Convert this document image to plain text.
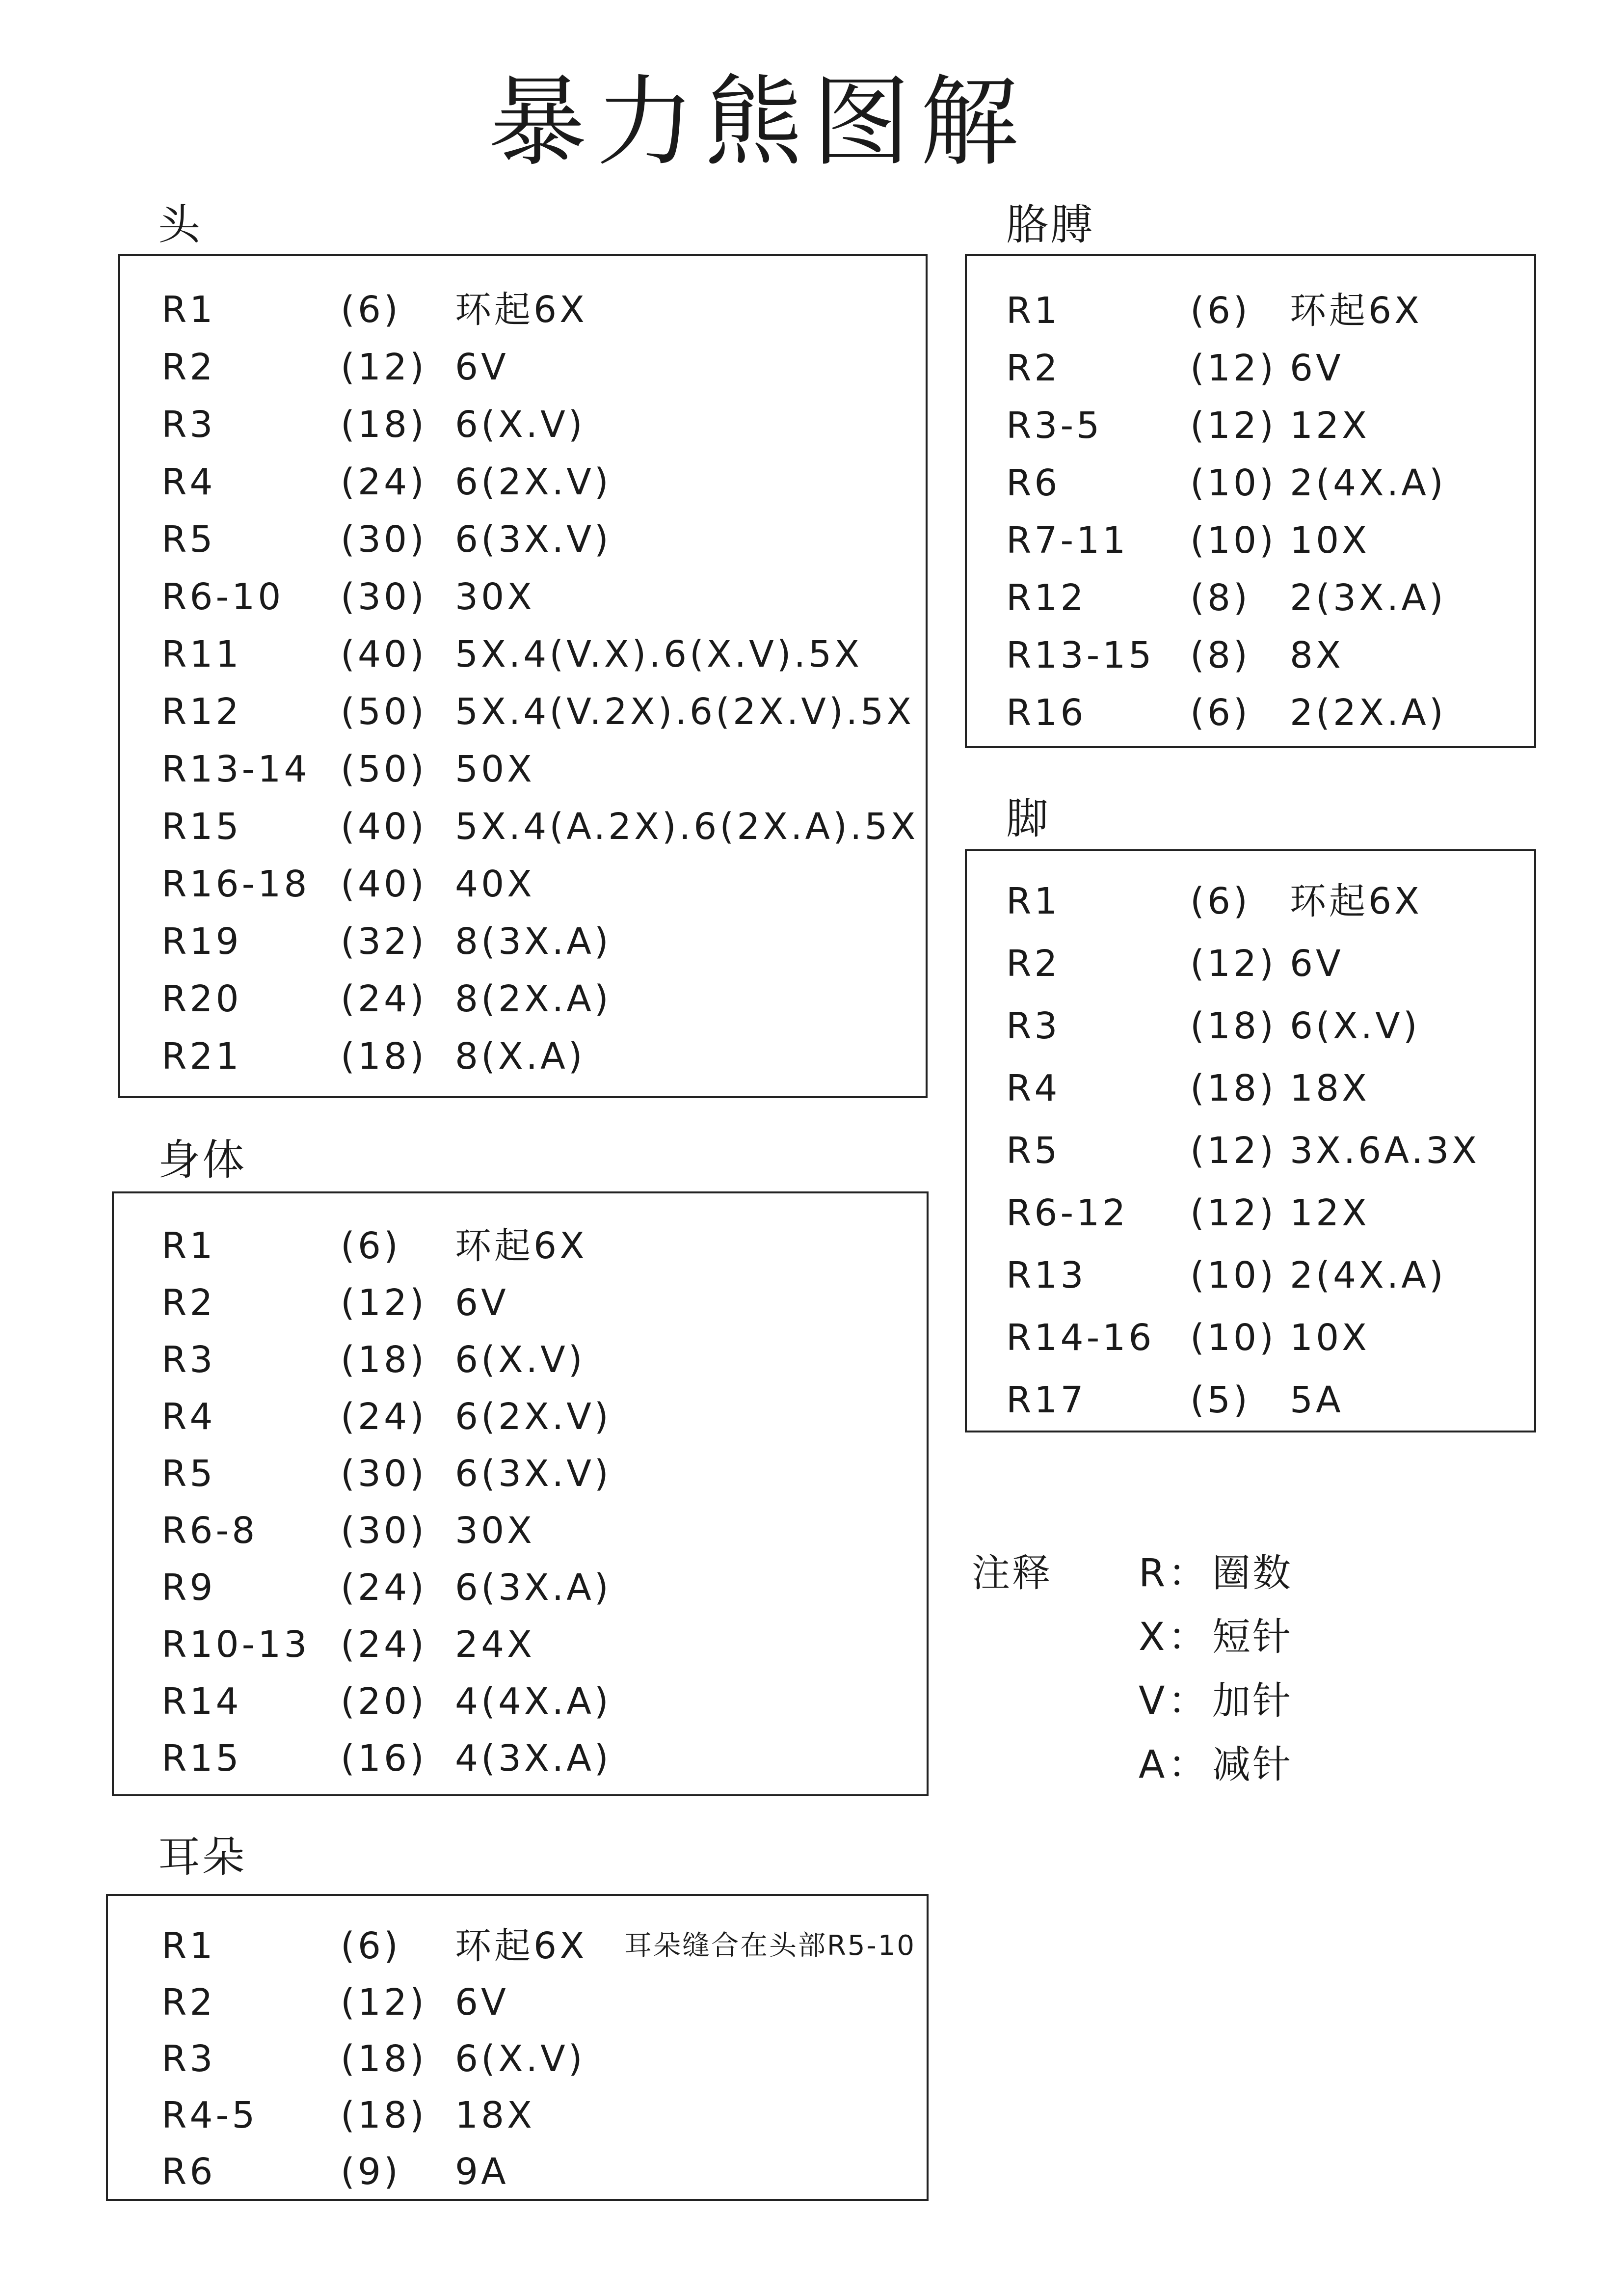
暴力熊图解
头
R1	(6) 环起6X
R2	(12) 6V
R3	(18) 6(X.V)
R4	(24) 6(2X.V)
R5	(30) 6(3X.V)
R6-10 (30) 30X
R11	(40) 5X.4(V.X).6(X.V).5X
R12	(50) 5X.4(V.2X).6(2X.V).5X
R13-14 (50) 50X
R15	(40) 5X.4(A.2X).6(2X.A).5X
R16-18 (40) 40X
R19	(32) 8(3X.A)
R20	(24) 8(2X.A)
R21	(18) 8(X.A)
身体
R1	(6) 环起6X
R2	(12) 6V
R3	(18) 6(X.V)
R4	(24) 6(2X.V)
R5	(30) 6(3X.V)
R6-8 (30) 30X
R9	(24) 6(3X.A)
R10-13 (24) 24X
R14	(20) 4(4X.A)
R15	(16) 4(3X.A)
耳朵
R1	(6) 环起6X 耳朵缝合在头部R5-10
R2	(12) 6V
R3	(18) 6(X.V)
R4-5 (18) 18X
R6	(9) 9A
胳膊
R1	(6) 环起6X
R2	(12) 6V
R3-5 (12) 12X
R6	(10) 2(4X.A)
R7-11 (10) 10X
R12	(8) 2(3X.A)
R13-15 (8) 8X
R16	(6) 2(2X.A)
脚
R1	(6) 环起6X
R2	(12) 6V
R3	(18) 6(X.V)
R4	(18) 18X
R5	(12) 3X.6A.3X
R6-12 (12) 12X
R13	(10) 2(4X.A)
R14-16 (10) 10X
R17	(5) 5A
注释 R ： 圈数
X ： 短针
V ： 加针
A ： 减针
